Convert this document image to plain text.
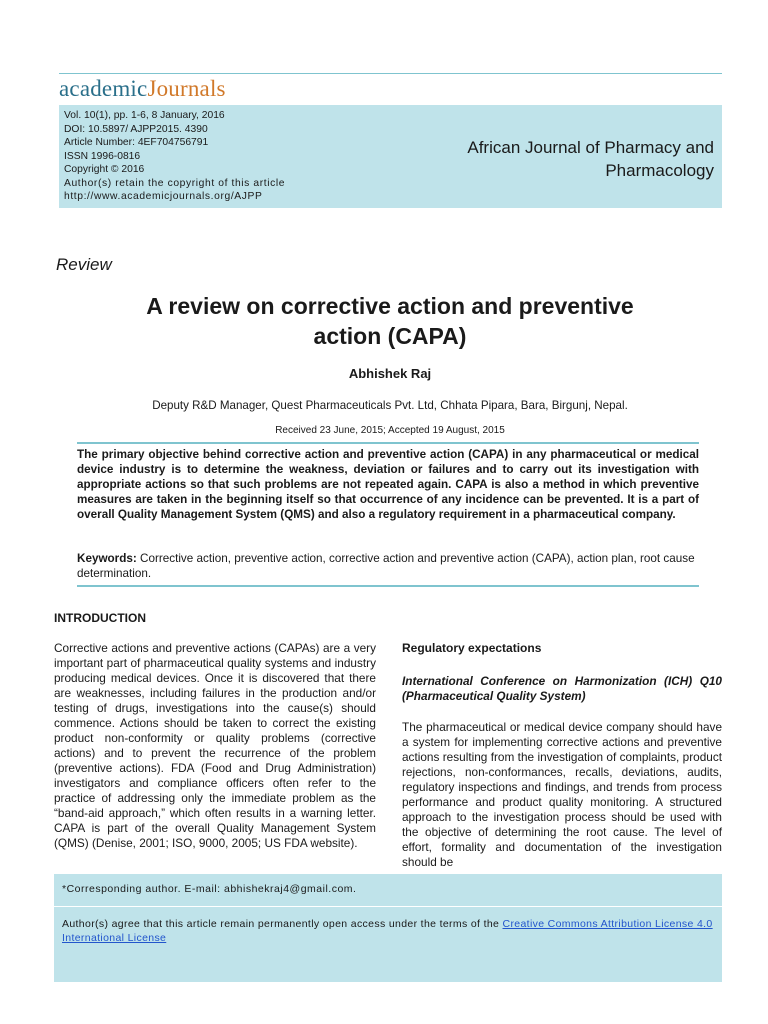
academicJournals
Vol. 10(1), pp. 1-6, 8 January, 2016
DOI: 10.5897/ AJPP2015. 4390
Article Number: 4EF704756791
ISSN 1996-0816
Copyright © 2016
Author(s) retain the copyright of this article
http://www.academicjournals.org/AJPP
African Journal of Pharmacy and
Pharmacology
Review
A review on corrective action and preventive
action (CAPA)
Abhishek Raj
Deputy R&D Manager, Quest Pharmaceuticals Pvt. Ltd, Chhata Pipara, Bara, Birgunj, Nepal.
Received 23 June, 2015; Accepted 19 August, 2015
The primary objective behind corrective action and preventive action (CAPA) in any pharmaceutical or medical device industry is to determine the weakness, deviation or failures and to carry out its investigation with appropriate actions so that such problems are not repeated again. CAPA is also a method in which preventive measures are taken in the beginning itself so that occurrence of any incidence can be prevented. It is a part of overall Quality Management System (QMS) and also a regulatory requirement in a pharmaceutical company.
Keywords: Corrective action, preventive action, corrective action and preventive action (CAPA), action plan, root cause determination.
INTRODUCTION

Corrective actions and preventive actions (CAPAs) are a very important part of pharmaceutical quality systems and industry producing medical devices. Once it is discovered that there are weaknesses, including failures in the production and/or testing of drugs, investigations into the cause(s) should commence. Actions should be taken to correct the existing product non-conformity or quality problems (corrective actions) and to prevent the recurrence of the problem (preventive actions). FDA (Food and Drug Administration) investigators and compliance officers often refer to the practice of addressing only the immediate problem as the “band-aid approach,” which often results in a warning letter. CAPA is part of the overall Quality Management System (QMS) (Denise, 2001; ISO, 9000, 2005; US FDA website).

Regulatory expectations
International Conference on Harmonization (ICH) Q10 (Pharmaceutical Quality System)

The pharmaceutical or medical device company should have a system for implementing corrective actions and preventive actions resulting from the investigation of complaints, product rejections, non-conformances, recalls, deviations, audits, regulatory inspections and findings, and trends from process performance and product quality monitoring. A structured approach to the investigation process should be used with the objective of determining the root cause. The level of effort, formality and documentation of the investigation should be

*Corresponding author. E-mail: abhishekraj4@gmail.com.
Author(s) agree that this article remain permanently open access under the terms of the Creative Commons Attribution License 4.0 International License
